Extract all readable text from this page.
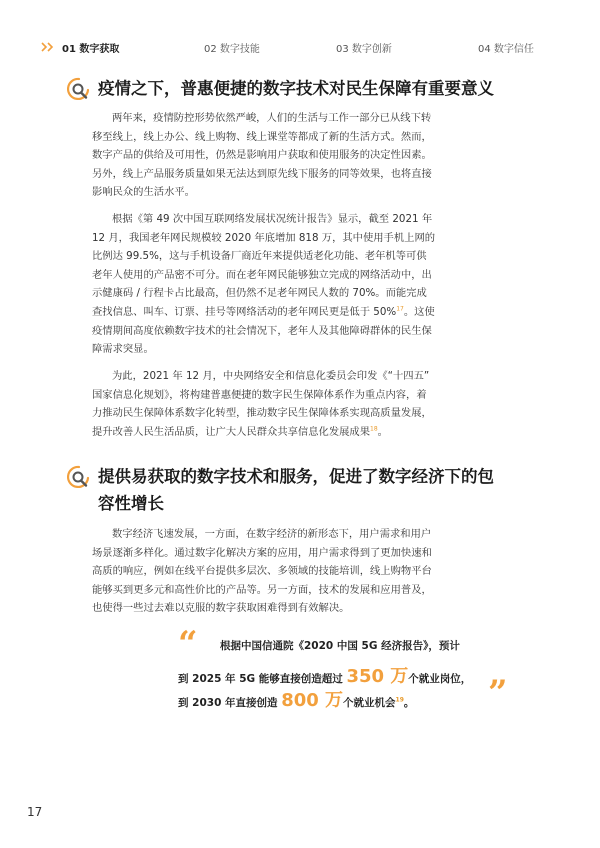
01 数字获取	02 数字技能	03 数字创新	04 数字信任
疫情之下，普惠便捷的数字技术对民生保障有重要意义

两年来，疫情防控形势依然严峻，人们的生活与工作一部分已从线下转
移至线上，线上办公、线上购物、线上课堂等都成了新的生活方式。然而，
数字产品的供给及可用性，仍然是影响用户获取和使用服务的决定性因素。
另外，线上产品服务质量如果无法达到原先线下服务的同等效果，也将直接
影响民众的生活水平。

根据《第 49 次中国互联网络发展状况统计报告》显示，截至 2021 年
12 月，我国老年网民规模较 2020 年底增加 818 万，其中使用手机上网的
比例达 99.5%，这与手机设备厂商近年来提供适老化功能、老年机等可供
老年人使用的产品密不可分。而在老年网民能够独立完成的网络活动中，出
示健康码 / 行程卡占比最高，但仍然不足老年网民人数的 70%。而能完成
查找信息、叫车、订票、挂号等网络活动的老年网民更是低于 50%$^{17}$。这使
疫情期间高度依赖数字技术的社会情况下，老年人及其他障碍群体的民生保
障需求突显。

为此，2021 年 12 月，中央网络安全和信息化委员会印发《“十四五”
国家信息化规划》，将构建普惠便捷的数字民生保障体系作为重点内容，着
力推动民生保障体系数字化转型，推动数字民生保障体系实现高质量发展，
提升改善人民生活品质，让广大人民群众共享信息化发展成果$^{18}$。

提供易获取的数字技术和服务，促进了数字经济下的包
容性增长

数字经济飞速发展，一方面，在数字经济的新形态下，用户需求和用户
场景逐渐多样化。通过数字化解决方案的应用，用户需求得到了更加快速和
高质的响应，例如在线平台提供多层次、多领域的技能培训，线上购物平台
能够买到更多元和高性价比的产品等。另一方面，技术的发展和应用普及，
也使得一些过去难以克服的数字获取困难得到有效解决。

“ 根据中国信通院《2020 中国 5G 经济报告》，预计
到 2025 年 5G 能够直接创造超过 350 万个就业岗位，
到 2030 年直接创造 800 万个就业机会$^{19}$。 ”
17
